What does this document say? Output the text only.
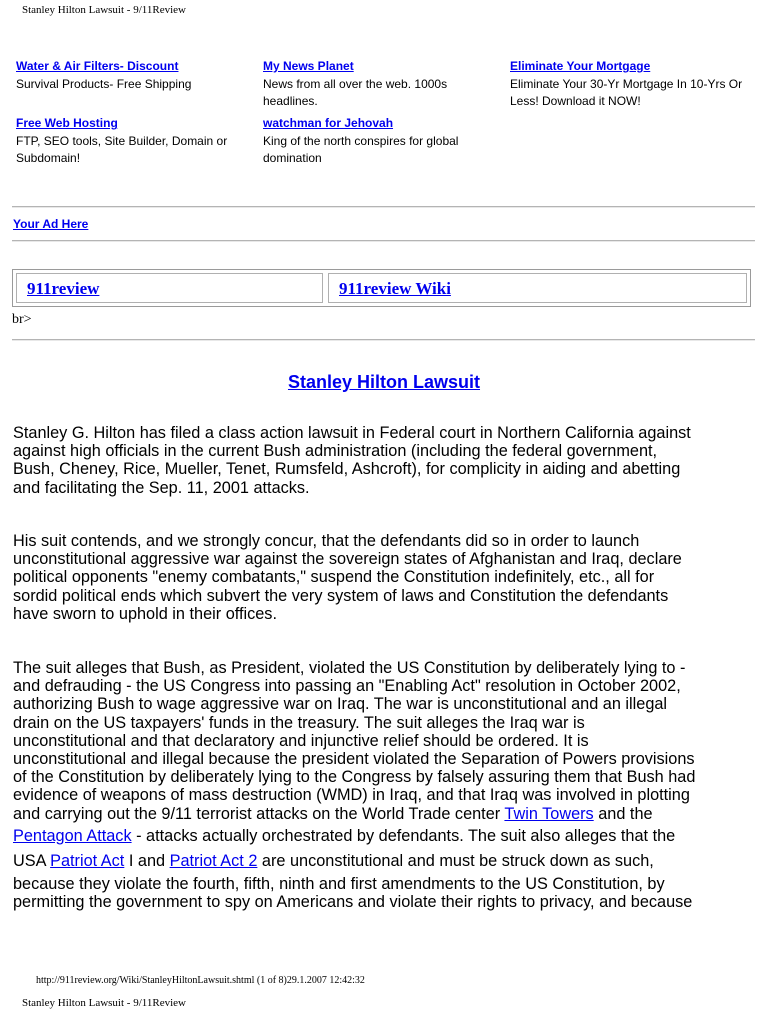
Stanley Hilton Lawsuit - 9/11Review
Water & Air Filters- Discount
Survival Products- Free Shipping
My News Planet
News from all over the web. 1000s headlines.
Eliminate Your Mortgage
Eliminate Your 30-Yr Mortgage In 10-Yrs Or Less! Download it NOW!
Free Web Hosting
FTP, SEO tools, Site Builder, Domain or Subdomain!
watchman for Jehovah
King of the north conspires for global domination
Your Ad Here
911review	911review Wiki
br>
Stanley Hilton Lawsuit
Stanley G. Hilton has filed a class action lawsuit in Federal court in Northern California against
against high officials in the current Bush administration (including the federal government,
Bush, Cheney, Rice, Mueller, Tenet, Rumsfeld, Ashcroft), for complicity in aiding and abetting
and facilitating the Sep. 11, 2001 attacks.
His suit contends, and we strongly concur, that the defendants did so in order to launch
unconstitutional aggressive war against the sovereign states of Afghanistan and Iraq, declare
political opponents "enemy combatants," suspend the Constitution indefinitely, etc., all for
sordid political ends which subvert the very system of laws and Constitution the defendants
have sworn to uphold in their offices.
The suit alleges that Bush, as President, violated the US Constitution by deliberately lying to -
and defrauding - the US Congress into passing an "Enabling Act" resolution in October 2002,
authorizing Bush to wage aggressive war on Iraq. The war is unconstitutional and an illegal
drain on the US taxpayers' funds in the treasury. The suit alleges the Iraq war is
unconstitutional and that declaratory and injunctive relief should be ordered. It is
unconstitutional and illegal because the president violated the Separation of Powers provisions
of the Constitution by deliberately lying to the Congress by falsely assuring them that Bush had
evidence of weapons of mass destruction (WMD) in Iraq, and that Iraq was involved in plotting
and carrying out the 9/11 terrorist attacks on the World Trade center Twin Towers and the
Pentagon Attack - attacks actually orchestrated by defendants. The suit also alleges that the
USA Patriot Act I and Patriot Act 2 are unconstitutional and must be struck down as such,
because they violate the fourth, fifth, ninth and first amendments to the US Constitution, by
permitting the government to spy on Americans and violate their rights to privacy, and because
http://911review.org/Wiki/StanleyHiltonLawsuit.shtml (1 of 8)29.1.2007 12:42:32
Stanley Hilton Lawsuit - 9/11Review
